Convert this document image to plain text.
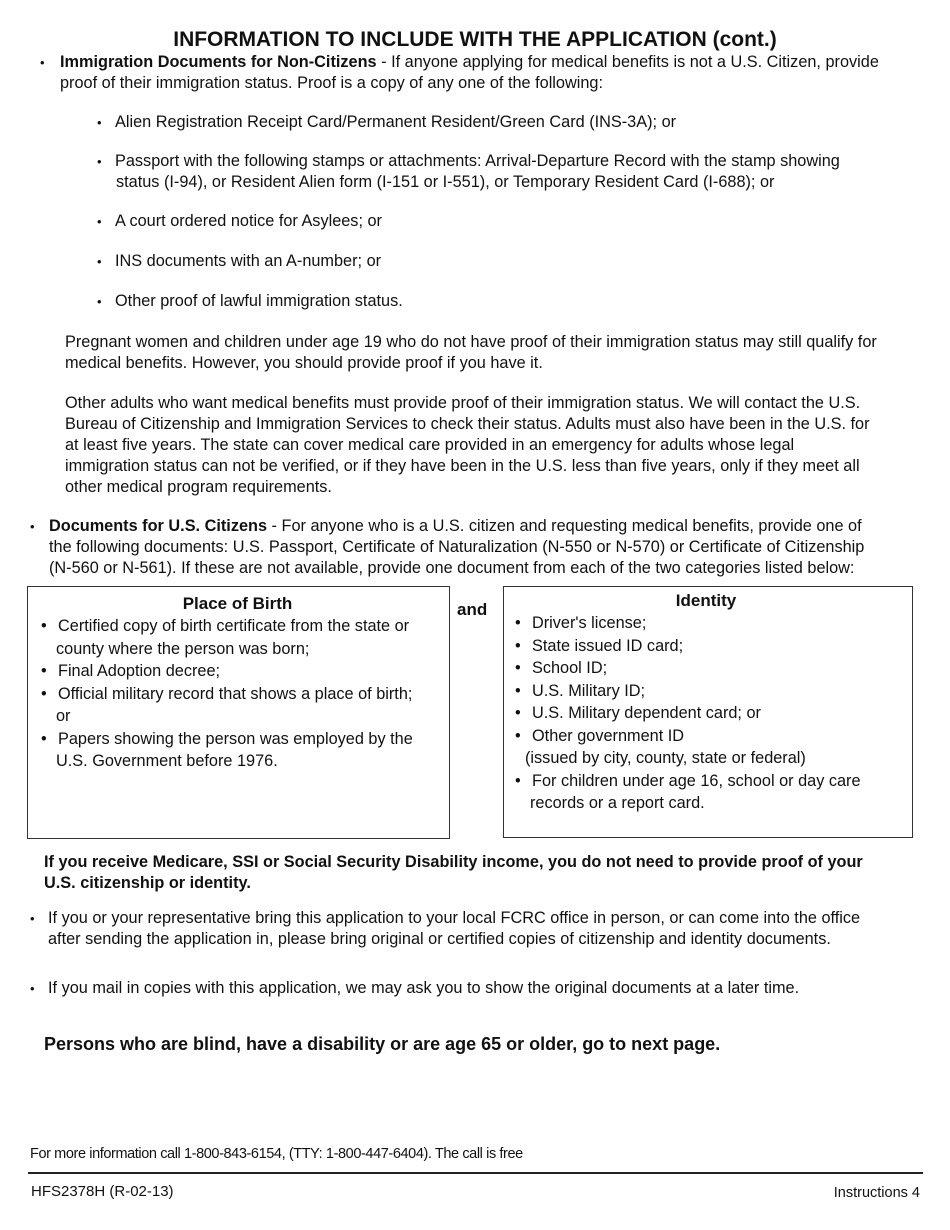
INFORMATION TO INCLUDE WITH THE APPLICATION (cont.)
• Immigration Documents for Non-Citizens - If anyone applying for medical benefits is not a U.S. Citizen, provide
proof of their immigration status. Proof is a copy of any one of the following:

• Alien Registration Receipt Card/Permanent Resident/Green Card (INS-3A); or

• Passport with the following stamps or attachments: Arrival-Departure Record with the stamp showing
status (I-94), or Resident Alien form (I-151 or I-551), or Temporary Resident Card (I-688); or

• A court ordered notice for Asylees; or

• INS documents with an A-number; or

• Other proof of lawful immigration status.

Pregnant women and children under age 19 who do not have proof of their immigration status may still qualify for
medical benefits. However, you should provide proof if you have it.

Other adults who want medical benefits must provide proof of their immigration status. We will contact the U.S.
Bureau of Citizenship and Immigration Services to check their status. Adults must also have been in the U.S. for
at least five years. The state can cover medical care provided in an emergency for adults whose legal
immigration status can not be verified, or if they have been in the U.S. less than five years, only if they meet all
other medical program requirements.

• Documents for U.S. Citizens - For anyone who is a U.S. citizen and requesting medical benefits, provide one of
the following documents: U.S. Passport, Certificate of Naturalization (N-550 or N-570) or Certificate of Citizenship
(N-560 or N-561). If these are not available, provide one document from each of the two categories listed below:

Place of Birth
• Certified copy of birth certificate from the state or
county where the person was born;
• Final Adoption decree;
• Official military record that shows a place of birth;
or
• Papers showing the person was employed by the
U.S. Government before 1976.
and	Identity
• Driver's license;
• State issued ID card;
• School ID;
• U.S. Military ID;
• U.S. Military dependent card; or
• Other government ID
(issued by city, county, state or federal)
• For children under age 16, school or day care
records or a report card.

If you receive Medicare, SSI or Social Security Disability income, you do not need to provide proof of your
U.S. citizenship or identity.

• If you or your representative bring this application to your local FCRC office in person, or can come into the office
after sending the application in, please bring original or certified copies of citizenship and identity documents.

• If you mail in copies with this application, we may ask you to show the original documents at a later time.

Persons who are blind, have a disability or are age 65 or older, go to next page.
For more information call 1-800-843-6154, (TTY: 1-800-447-6404). The call is free
HFS2378H (R-02-13)	Instructions 4
